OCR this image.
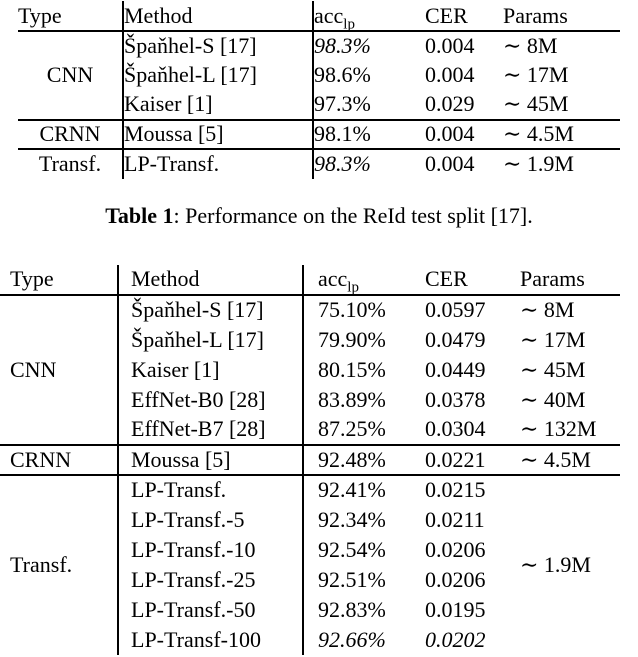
Type	Method	acc$_{lp}$	CER	Params
CNN	Špaňhel-S [17]	98.3%	0.004	∼ 8M
	Špaňhel-L [17]	98.6%	0.004	∼ 17M
	Kaiser [1]	97.3%	0.029	∼ 45M
CRNN	Moussa [5]	98.1%	0.004	∼ 4.5M
Transf.	LP-Transf.	98.3%	0.004	∼ 1.9M
Table 1: Performance on the ReId test split [17].
Type	Method	acc$_{lp}$	CER	Params
CNN	Špaňhel-S [17]	75.10%	0.0597	∼ 8M
	Špaňhel-L [17]	79.90%	0.0479	∼ 17M
	Kaiser [1]	80.15%	0.0449	∼ 45M
	EffNet-B0 [28]	83.89%	0.0378	∼ 40M
	EffNet-B7 [28]	87.25%	0.0304	∼ 132M
CRNN	Moussa [5]	92.48%	0.0221	∼ 4.5M
Transf.	LP-Transf.	92.41%	0.0215	∼ 1.9M
	LP-Transf.-5	92.34%	0.0211	
	LP-Transf.-10	92.54%	0.0206	
	LP-Transf.-25	92.51%	0.0206	
	LP-Transf.-50	92.83%	0.0195	
	LP-Transf-100	92.66%	0.0202	
